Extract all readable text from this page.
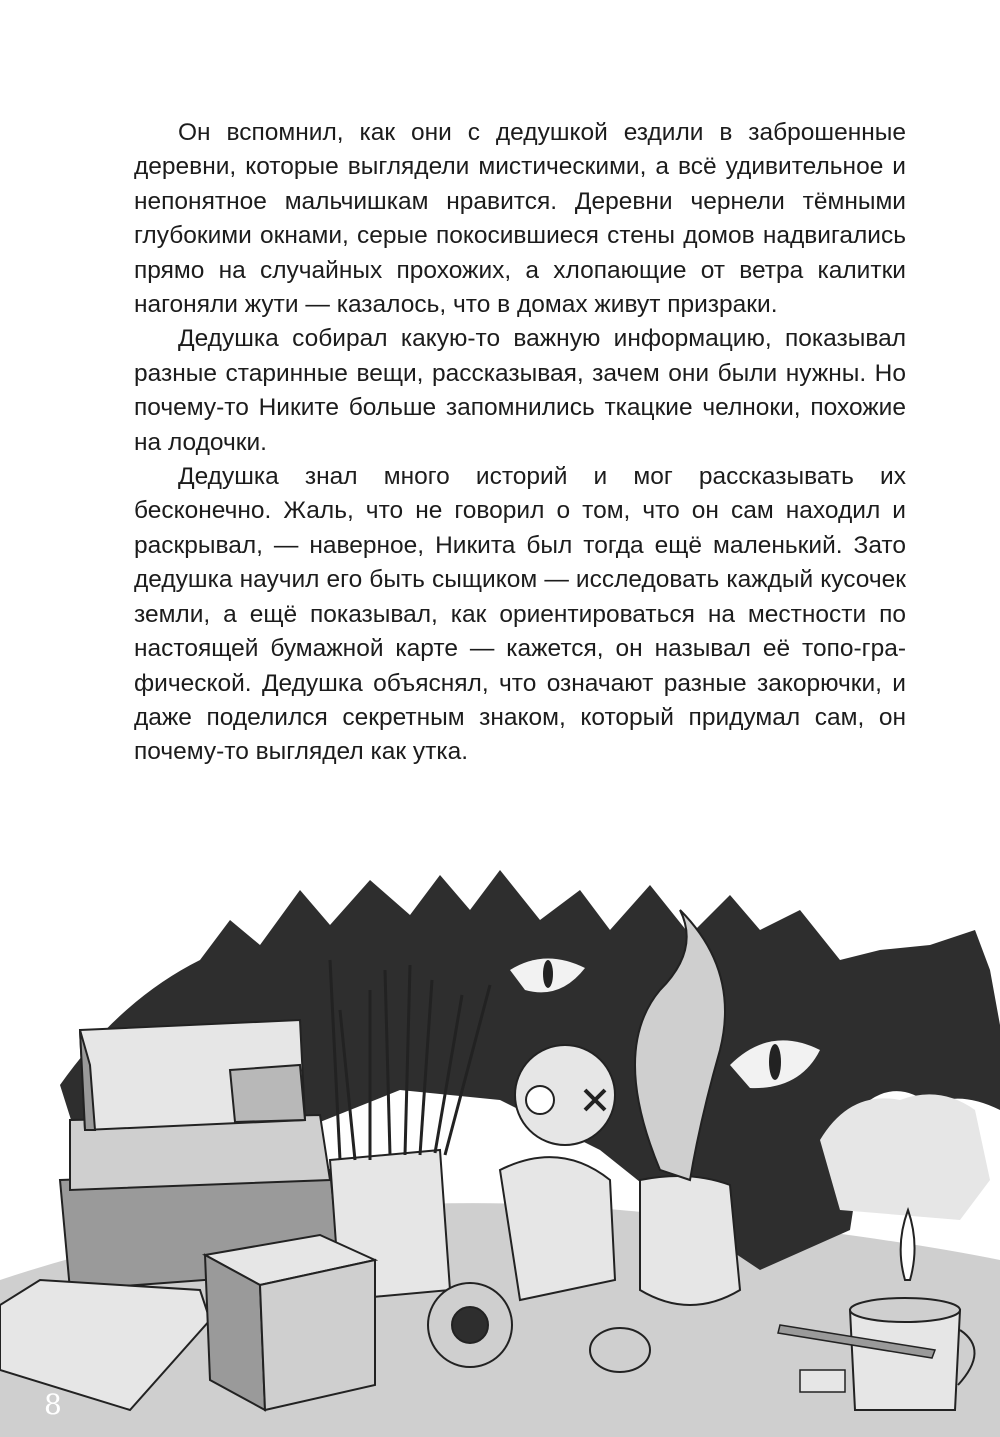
Он вспомнил, как они с дедушкой ездили в заброшенные деревни, которые выглядели мистическими, а всё удивительное и непонятное мальчишкам нравится. Деревни чернели тёмными глубокими окнами, серые покосившиеся стены домов надвигались прямо на случайных прохожих, а хлопающие от ветра калитки нагоняли жути — казалось, что в домах живут призраки.

Дедушка собирал какую-то важную информацию, показывал разные старинные вещи, рассказывая, зачем они были нужны. Но почему-то Никите больше запомнились ткацкие челноки, похожие на лодочки.

Дедушка знал много историй и мог рассказывать их бесконечно. Жаль, что не говорил о том, что он сам находил и раскрывал, — наверное, Никита был тогда ещё маленький. Зато дедушка научил его быть сыщиком — исследовать каждый кусочек земли, а ещё показывал, как ориентироваться на местности по настоящей бумажной карте — кажется, он называл её топо-гра-фической. Дедушка объяснял, что означают разные закорючки, и даже поделился секретным знаком, который придумал сам, он почему-то выглядел как утка.

8
